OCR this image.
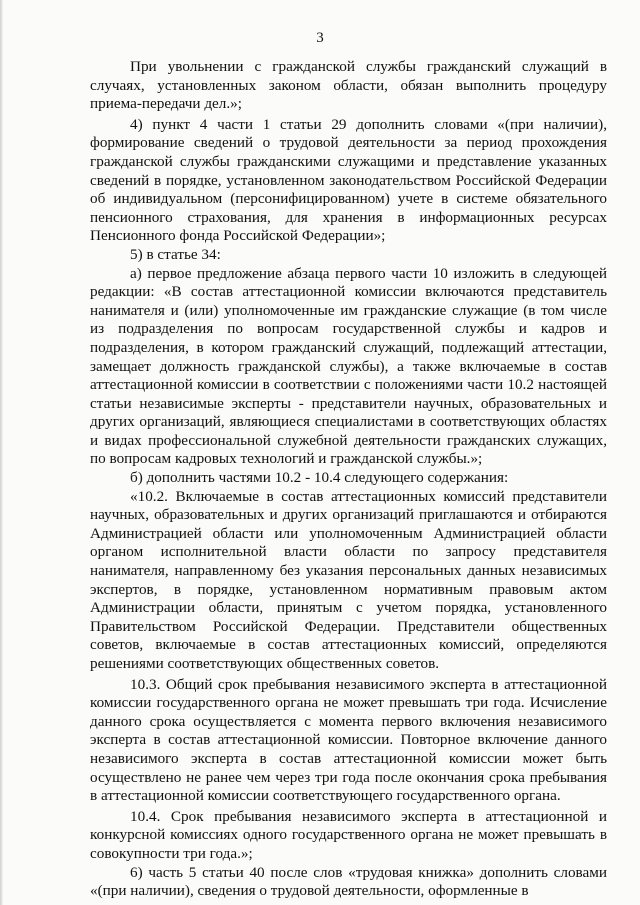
3

При увольнении с гражданской службы гражданский служащий в случаях, установленных законом области, обязан выполнить процедуру приема-передачи дел.»;

4) пункт 4 части 1 статьи 29 дополнить словами «(при наличии), формирование сведений о трудовой деятельности за период прохождения гражданской службы гражданскими служащими и представление указанных сведений в порядке, установленном законодательством Российской Федерации об индивидуальном (персонифицированном) учете в системе обязательного пенсионного страхования, для хранения в информационных ресурсах Пенсионного фонда Российской Федерации»;

5) в статье 34:

а) первое предложение абзаца первого части 10 изложить в следующей редакции: «В состав аттестационной комиссии включаются представитель нанимателя и (или) уполномоченные им гражданские служащие (в том числе из подразделения по вопросам государственной службы и кадров и подразделения, в котором гражданский служащий, подлежащий аттестации, замещает должность гражданской службы), а также включаемые в состав аттестационной комиссии в соответствии с положениями части 10.2 настоящей статьи независимые эксперты - представители научных, образовательных и других организаций, являющиеся специалистами в соответствующих областях и видах профессиональной служебной деятельности гражданских служащих, по вопросам кадровых технологий и гражданской службы.»;

б) дополнить частями 10.2 - 10.4 следующего содержания:

«10.2. Включаемые в состав аттестационных комиссий представители научных, образовательных и других организаций приглашаются и отбираются Администрацией области или уполномоченным Администрацией области органом исполнительной власти области по запросу представителя нанимателя, направленному без указания персональных данных независимых экспертов, в порядке, установленном нормативным правовым актом Администрации области, принятым с учетом порядка, установленного Правительством Российской Федерации. Представители общественных советов, включаемые в состав аттестационных комиссий, определяются решениями соответствующих общественных советов.

10.3. Общий срок пребывания независимого эксперта в аттестационной комиссии государственного органа не может превышать три года. Исчисление данного срока осуществляется с момента первого включения независимого эксперта в состав аттестационной комиссии. Повторное включение данного независимого эксперта в состав аттестационной комиссии может быть осуществлено не ранее чем через три года после окончания срока пребывания в аттестационной комиссии соответствующего государственного органа.

10.4. Срок пребывания независимого эксперта в аттестационной и конкурсной комиссиях одного государственного органа не может превышать в совокупности три года.»;

6) часть 5 статьи 40 после слов «трудовая книжка» дополнить словами «(при наличии), сведения о трудовой деятельности, оформленные в
